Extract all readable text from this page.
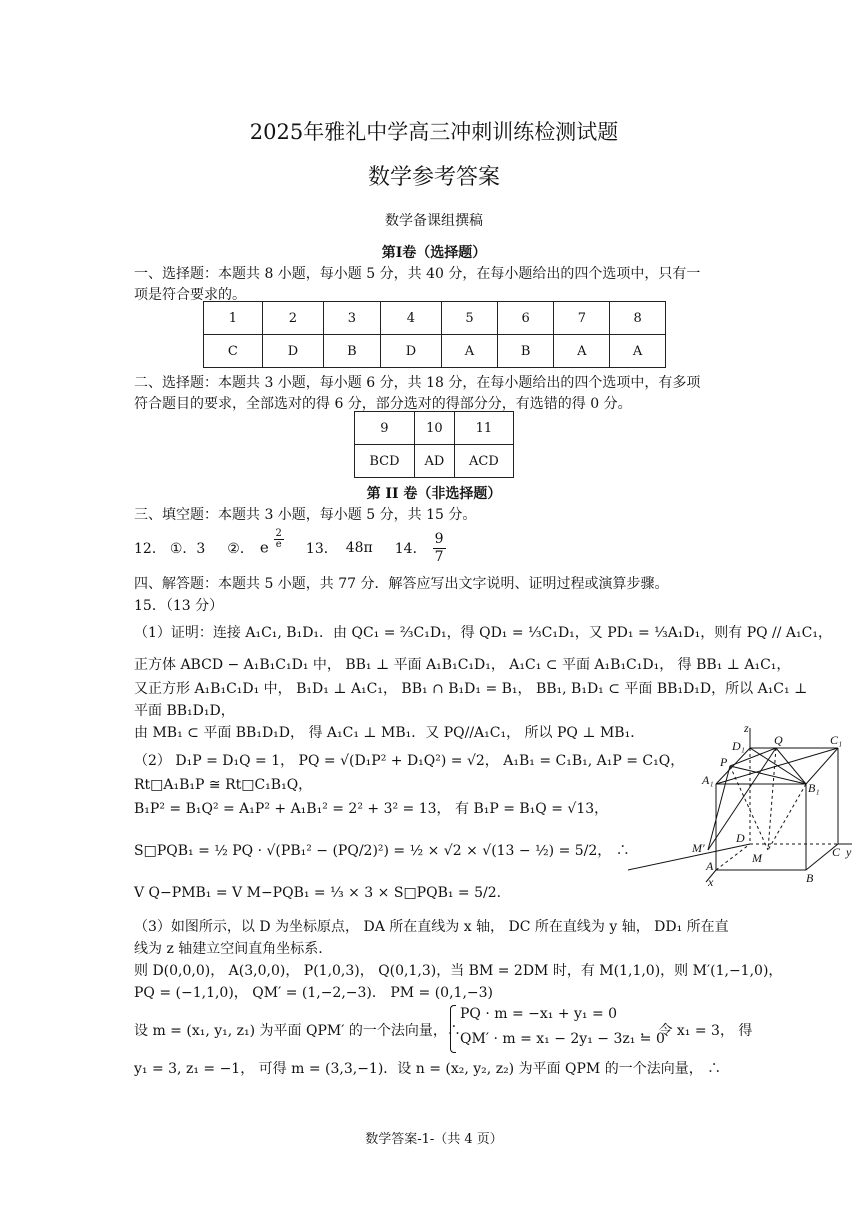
2025年雅礼中学高三冲刺训练检测试题
数学参考答案
数学备课组撰稿
第Ⅰ卷（选择题）
一、选择题：本题共 8 小题，每小题 5 分，共 40 分，在每小题给出的四个选项中，只有一
项是符合要求的。
1	2	3	4	5	6	7	8
C	D	B	D	A	B	A	A
二、选择题：本题共 3 小题，每小题 6 分，共 18 分，在每小题给出的四个选项中，有多项
符合题目的要求，全部选对的得 6 分，部分选对的得部分分，有选错的得 0 分。
9	10	11
BCD	AD	ACD
第 II 卷（非选择题）
三、填空题：本题共 3 小题，每小题 5 分，共 15 分。
12． ①．3 ②． e $\frac{2}{e} 13$． 48π 14． $\frac{9}{7}$
四、解答题：本题共 5 小题，共 77 分．解答应写出文字说明、证明过程或演算步骤。
15．（13 分）
（1）证明：连接 A₁C₁, B₁D₁．由 QC₁ = ⅔C₁D₁，得 QD₁ = ⅓C₁D₁，又 PD₁ = ⅓A₁D₁，则有 PQ // A₁C₁，
正方体 ABCD − A₁B₁C₁D₁ 中， BB₁ ⊥ 平面 A₁B₁C₁D₁， A₁C₁ ⊂ 平面 A₁B₁C₁D₁， 得 BB₁ ⊥ A₁C₁，
又正方形 A₁B₁C₁D₁ 中， B₁D₁ ⊥ A₁C₁， BB₁ ∩ B₁D₁ = B₁， BB₁, B₁D₁ ⊂ 平面 BB₁D₁D，所以 A₁C₁ ⊥
平面 BB₁D₁D，
由 MB₁ ⊂ 平面 BB₁D₁D， 得 A₁C₁ ⊥ MB₁．又 PQ//A₁C₁， 所以 PQ ⊥ MB₁．
（2） D₁P = D₁Q = 1， PQ = √(D₁P² + D₁Q²) = √2， A₁B₁ = C₁B₁, A₁P = C₁Q，
Rt□A₁B₁P ≅ Rt□C₁B₁Q，
B₁P² = B₁Q² = A₁P² + A₁B₁² = 2² + 3² = 13， 有 B₁P = B₁Q = √13，
S□PQB₁ = ½ PQ · √(PB₁² − (PQ/2)²) = ½ × √2 × √(13 − ½) = 5/2， ∴
V Q−PMB₁ = V M−PQB₁ = ⅓ × 3 × S□PQB₁ = 5/2．
（3）如图所示，以 D 为坐标原点， DA 所在直线为 x 轴， DC 所在直线为 y 轴， DD₁ 所在直
线为 z 轴建立空间直角坐标系.
则 D(0,0,0)， A(3,0,0)， P(1,0,3)， Q(0,1,3)，当 BM = 2DM 时，有 M(1,1,0)，则 M′(1,−1,0)，
PQ = (−1,1,0)， QM′ = (1,−2,−3)． PM = (0,1,−3)
设 m = (x₁, y₁, z₁) 为平面 QPM′ 的一个法向量，∴
PQ · m = −x₁ + y₁ = 0
QM′ · m = x₁ − 2y₁ − 3z₁ = 0
， 令 x₁ = 3， 得
y₁ = 3, z₁ = −1， 可得 m = (3,3,−1)．设 n = (x₂, y₂, z₂) 为平面 QPM 的一个法向量， ∴
z
D₁ Q	C₁
P
A₁
B₁
D
M′
M
A
C y
x	B
数学答案-1-（共 4 页）
